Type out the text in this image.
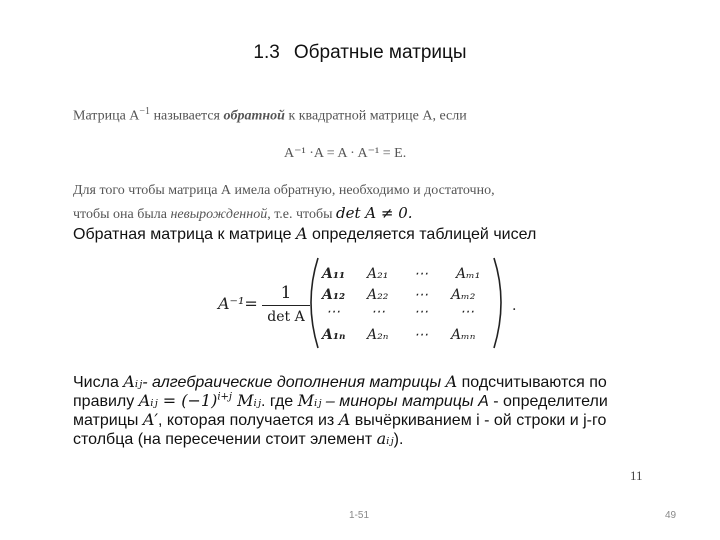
1.3 Обратные матрицы
Матрица $A^{-1}$ называется обратной к квадратной матрице А, если
A⁻¹ ·A = A · A⁻¹ = E.
Для того чтобы матрица А имела обратную, необходимо и достаточно,
чтобы она была невырожденной, т.е. чтобы det A ≠ 0.
Обратная матрица к матрице A определяется таблицей чисел
A⁻¹=
1
det A
A₁₁ A₂₁ ⋯ Aₘ₁
A₁₂ A₂₂ ⋯ Aₘ₂
⋯ ⋯ ⋯ ⋯
A₁ₙ A₂ₙ ⋯ Aₘₙ
.
Числа Aᵢⱼ- алгебраические дополнения матрицы A подсчитываются по
правилу Aᵢⱼ = $(-1)^{i+j}$ Mᵢⱼ. где Mᵢⱼ – миноры матрицы А - определители
матрицы A′, которая получается из A вычёркиванием i - ой строки и j-го
столбца (на пересечении стоит элемент aᵢⱼ).
11
1-51	49
